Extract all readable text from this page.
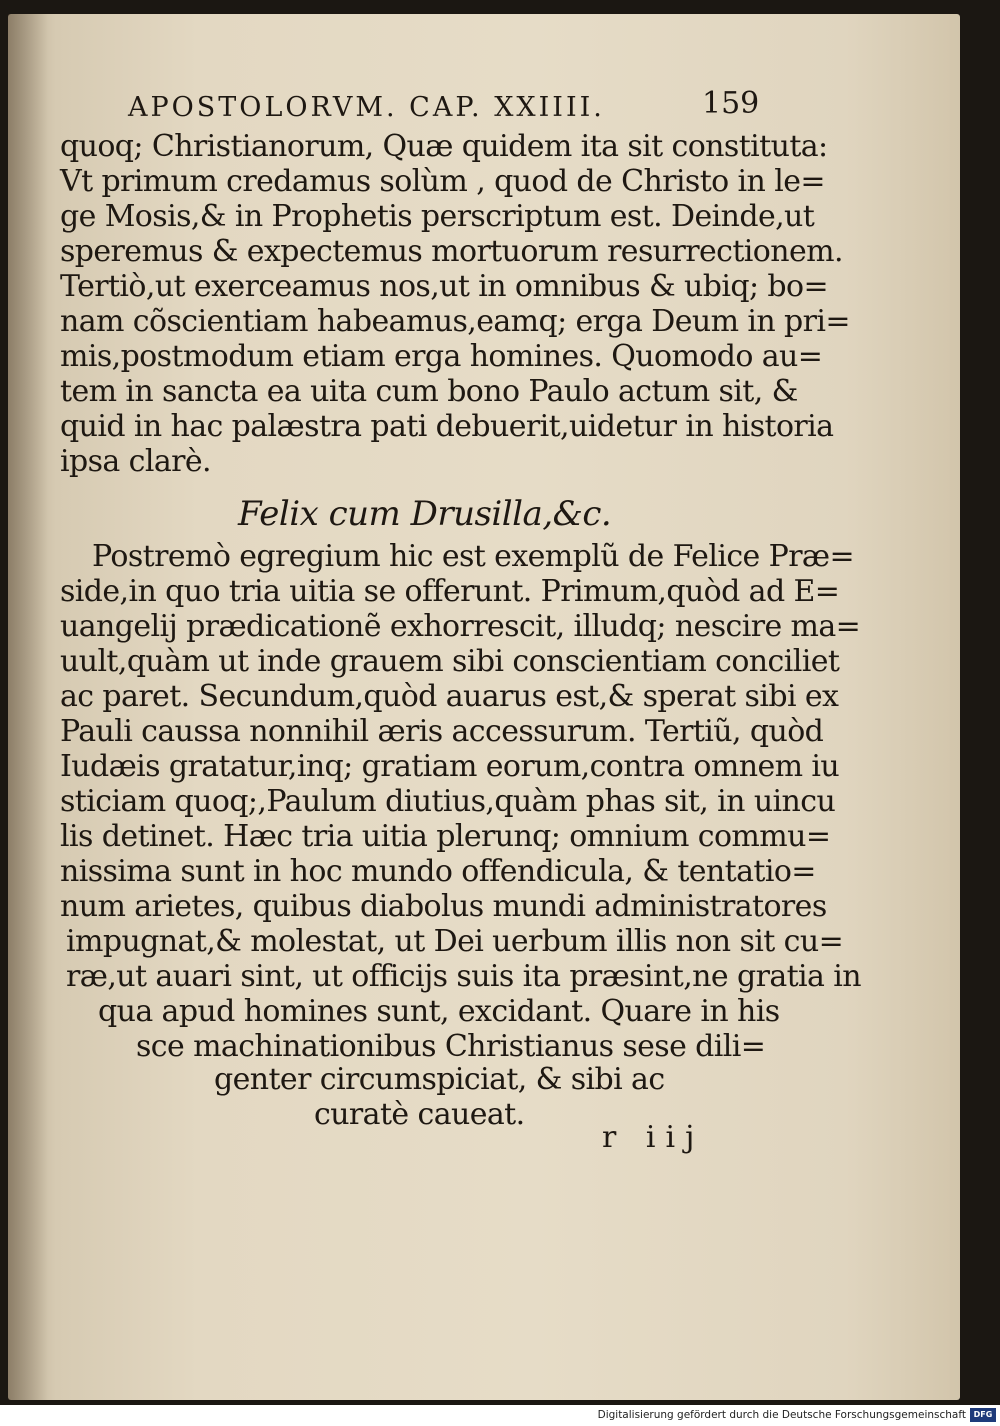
APOSTOLORVM. CAP. XXIIII.	159
quoq; Christianorum, Quæ quidem ita sit constituta:
Vt primum credamus solùm , quod de Christo in le=
ge Mosis,& in Prophetis perscriptum est. Deinde,ut
speremus & expectemus mortuorum resurrectionem.
Tertiò,ut exerceamus nos,ut in omnibus & ubiq; bo=
nam cõscientiam habeamus,eamq; erga Deum in pri=
mis,postmodum etiam erga homines. Quomodo au=
tem in sancta ea uita cum bono Paulo actum sit, &
quid in hac palæstra pati debuerit,uidetur in historia
ipsa clarè.
Felix cum Drusilla,&c.
Postremò egregium hic est exemplũ de Felice Præ=
side,in quo tria uitia se offerunt. Primum,quòd ad E=
uangelij prædicationẽ exhorrescit, illudq; nescire ma=
uult,quàm ut inde grauem sibi conscientiam conciliet
ac paret. Secundum,quòd auarus est,& sperat sibi ex
Pauli caussa nonnihil æris accessurum. Tertiũ, quòd
Iudæis gratatur,inq; gratiam eorum,contra omnem iu
sticiam quoq;,Paulum diutius,quàm phas sit, in uincu
lis detinet. Hæc tria uitia plerunq; omnium commu=
nissima sunt in hoc mundo offendicula, & tentatio=
num arietes, quibus diabolus mundi administratores
impugnat,& molestat, ut Dei uerbum illis non sit cu=
ræ,ut auari sint, ut officijs suis ita præsint,ne gratia in
qua apud homines sunt, excidant. Quare in his
sce machinationibus Christianus sese dili=
genter circumspiciat, & sibi ac
curatè caueat.
r iij
Digitalisierung gefördert durch die Deutsche Forschungsgemeinschaft DFG
